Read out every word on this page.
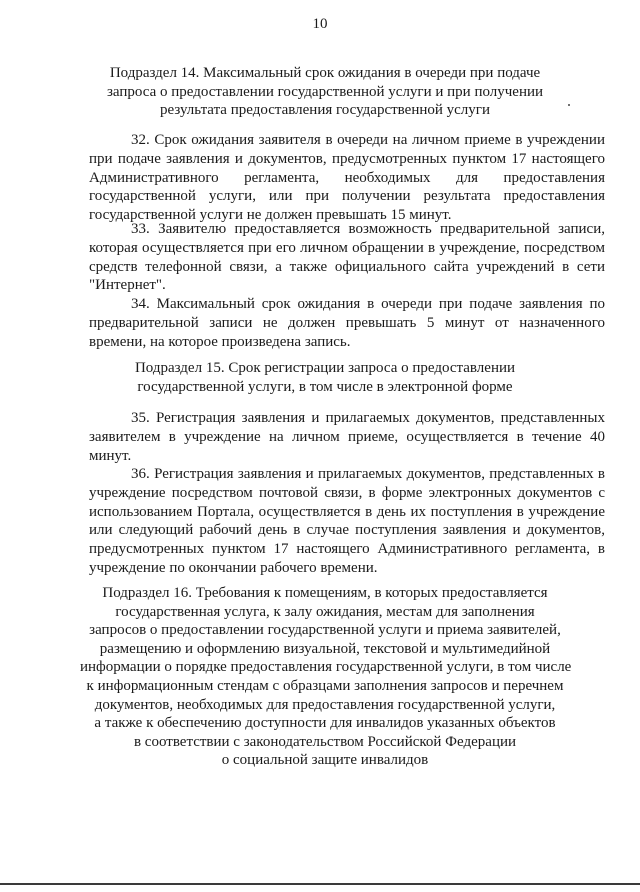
10
Подраздел 14. Максимальный срок ожидания в очереди при подаче
запроса о предоставлении государственной услуги и при получении
результата предоставления государственной услуги
32. Срок ожидания заявителя в очереди на личном приеме в учреждении при подаче заявления и документов, предусмотренных пунктом 17 настоящего Административного регламента, необходимых для предоставления государственной услуги, или при получении результата предоставления государственной услуги не должен превышать 15 минут.
33. Заявителю предоставляется возможность предварительной записи, которая осуществляется при его личном обращении в учреждение, посредством средств телефонной связи, а также официального сайта учреждений в сети "Интернет".
34. Максимальный срок ожидания в очереди при подаче заявления по предварительной записи не должен превышать 5 минут от назначенного времени, на которое произведена запись.
Подраздел 15. Срок регистрации запроса о предоставлении
государственной услуги, в том числе в электронной форме
35. Регистрация заявления и прилагаемых документов, представленных заявителем в учреждение на личном приеме, осуществляется в течение 40 минут.
36. Регистрация заявления и прилагаемых документов, представленных в учреждение посредством почтовой связи, в форме электронных документов с использованием Портала, осуществляется в день их поступления в учреждение или следующий рабочий день в случае поступления заявления и документов, предусмотренных пунктом 17 настоящего Административного регламента, в учреждение по окончании рабочего времени.
Подраздел 16. Требования к помещениям, в которых предоставляется
государственная услуга, к залу ожидания, местам для заполнения
запросов о предоставлении государственной услуги и приема заявителей,
размещению и оформлению визуальной, текстовой и мультимедийной
информации о порядке предоставления государственной услуги, в том числе
к информационным стендам с образцами заполнения запросов и перечнем
документов, необходимых для предоставления государственной услуги,
а также к обеспечению доступности для инвалидов указанных объектов
в соответствии с законодательством Российской Федерации
о социальной защите инвалидов
